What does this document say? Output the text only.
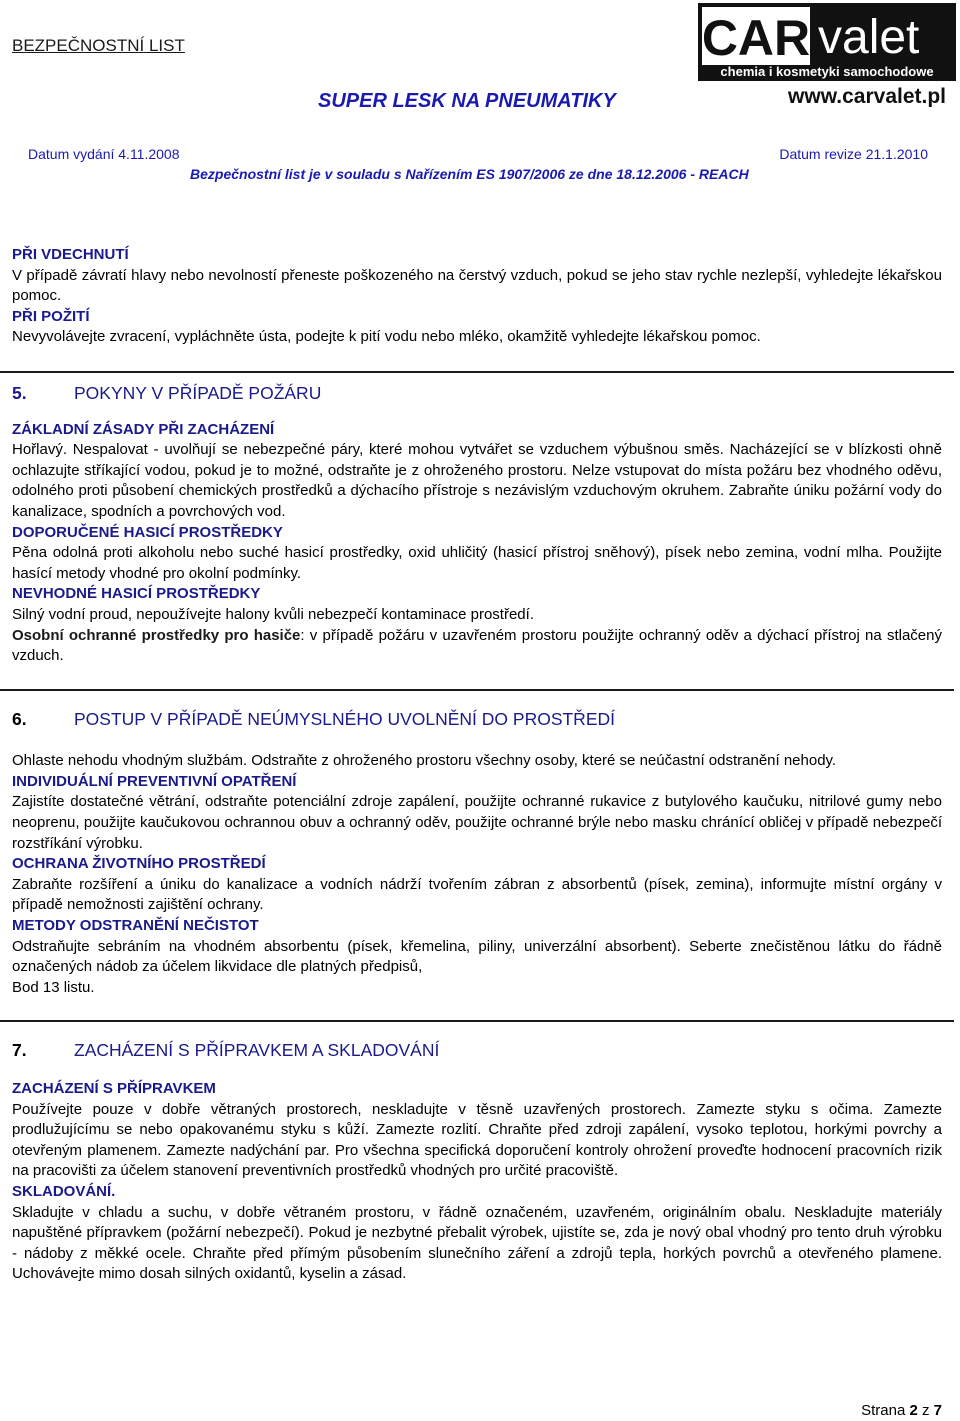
BEZPEČNOSTNÍ LIST
SUPER LESK NA PNEUMATIKY
CAR valet
chemia i kosmetyki samochodowe
www.carvalet.pl
Datum vydání 4.11.2008	Datum revize 21.1.2010
Bezpečnostní list je v souladu s Nařízením ES 1907/2006 ze dne 18.12.2006 - REACH

PŘI VDECHNUTÍ

V případě závratí hlavy nebo nevolností přeneste poškozeného na čerstvý vzduch, pokud se jeho stav rychle nezlepší, vyhledejte lékařskou pomoc.

PŘI POŽITÍ

Nevyvolávejte zvracení, vypláchněte ústa, podejte k pití vodu nebo mléko, okamžitě vyhledejte lékařskou pomoc.

5.	POKYNY V PŘÍPADĚ POŽÁRU

ZÁKLADNÍ ZÁSADY PŘI ZACHÁZENÍ

Hořlavý. Nespalovat - uvolňují se nebezpečné páry, které mohou vytvářet se vzduchem výbušnou směs. Nacházející se v blízkosti ohně ochlazujte stříkající vodou, pokud je to možné, odstraňte je z ohroženého prostoru. Nelze vstupovat do místa požáru bez vhodného oděvu, odolného proti působení chemických prostředků a dýchacího přístroje s nezávislým vzduchovým okruhem. Zabraňte úniku požární vody do kanalizace, spodních a povrchových vod.

DOPORUČENÉ HASICÍ PROSTŘEDKY

Pěna odolná proti alkoholu nebo suché hasicí prostředky, oxid uhličitý (hasicí přístroj sněhový), písek nebo zemina, vodní mlha. Použijte hasící metody vhodné pro okolní podmínky.

NEVHODNÉ HASICÍ PROSTŘEDKY

Silný vodní proud, nepoužívejte halony kvůli nebezpečí kontaminace prostředí.

Osobní ochranné prostředky pro hasiče: v případě požáru v uzavřeném prostoru použijte ochranný oděv a dýchací přístroj na stlačený vzduch.

6.	POSTUP V PŘÍPADĚ NEÚMYSLNÉHO UVOLNĚNÍ DO PROSTŘEDÍ

Ohlaste nehodu vhodným službám. Odstraňte z ohroženého prostoru všechny osoby, které se neúčastní odstranění nehody.

INDIVIDUÁLNÍ PREVENTIVNÍ OPATŘENÍ

Zajistíte dostatečné větrání, odstraňte potenciální zdroje zapálení, použijte ochranné rukavice z butylového kaučuku, nitrilové gumy nebo neoprenu, použijte kaučukovou ochrannou obuv a ochranný oděv, použijte ochranné brýle nebo masku chránící obličej v případě nebezpečí rozstříkání výrobku.

OCHRANA ŽIVOTNÍHO PROSTŘEDÍ

Zabraňte rozšíření a úniku do kanalizace a vodních nádrží tvořením zábran z absorbentů (písek, zemina), informujte místní orgány v případě nemožnosti zajištění ochrany.

METODY ODSTRANĚNÍ NEČISTOT

Odstraňujte sebráním na vhodném absorbentu (písek, křemelina, piliny, univerzální absorbent). Seberte znečistěnou látku do řádně označených nádob za účelem likvidace dle platných předpisů,

Bod 13 listu.

7.	ZACHÁZENÍ S PŘÍPRAVKEM A SKLADOVÁNÍ

ZACHÁZENÍ S PŘÍPRAVKEM

Používejte pouze v dobře větraných prostorech, neskladujte v těsně uzavřených prostorech. Zamezte styku s očima. Zamezte prodlužujícímu se nebo opakovanému styku s kůží. Zamezte rozlití. Chraňte před zdroji zapálení, vysoko teplotou, horkými povrchy a otevřeným plamenem. Zamezte nadýchání par. Pro všechna specifická doporučení kontroly ohrožení proveďte hodnocení pracovních rizik na pracovišti za účelem stanovení preventivních prostředků vhodných pro určité pracoviště.

SKLADOVÁNÍ.

Skladujte v chladu a suchu, v dobře větraném prostoru, v řádně označeném, uzavřeném, originálním obalu. Neskladujte materiály napuštěné přípravkem (požární nebezpečí). Pokud je nezbytné přebalit výrobek, ujistíte se, zda je nový obal vhodný pro tento druh výrobku - nádoby z měkké ocele. Chraňte před přímým působením slunečního záření a zdrojů tepla, horkých povrchů a otevřeného plamene. Uchovávejte mimo dosah silných oxidantů, kyselin a zásad.

Strana 2 z 7
